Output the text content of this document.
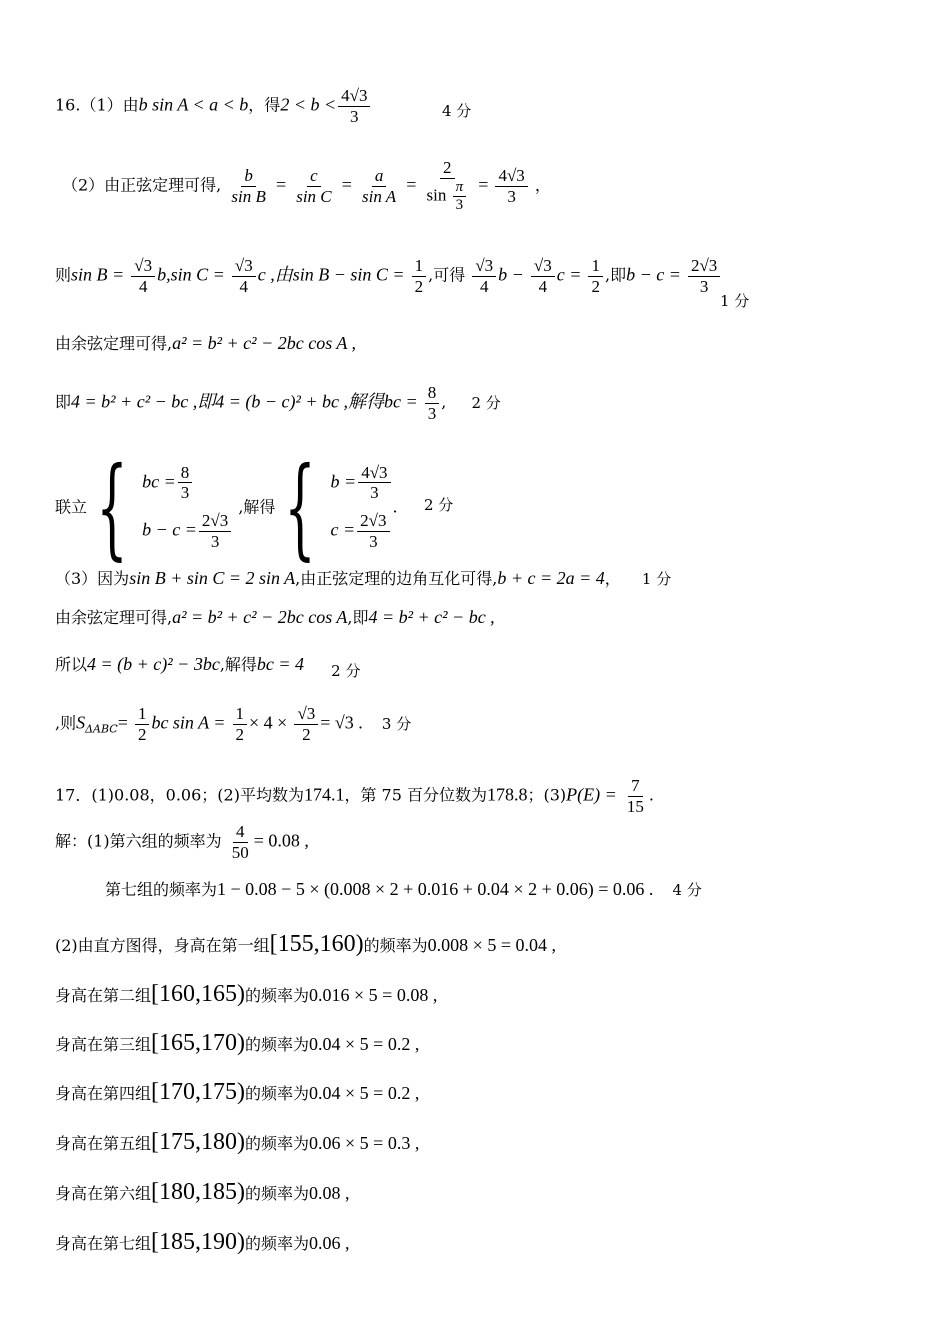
16.（1）由b sin A < a < b，得$2 < b < \frac{4√3}{3}$	4 分
（2）由正弦定理可得, $\frac{b}{\text{sin B}} = \frac{c}{\text{sin C}} = \frac{a}{\text{sin A}} = \frac{2}{\sin \frac{\pi}{3}} = \frac{4√3}{3}$ ，
则$\sin B = \frac{√3}{4} b,\sin$ $C = \frac{√3}{4}$ c ,由$\sin B - \sin C = \frac{1}{2}$ ,可得 $\frac{√3}{4}$ $b - \frac{√3}{4}$ $c = \frac{1}{2}$ ,即$b - c = \frac{2√3}{3}$
1 分
由余弦定理可得,a² = b² + c² − 2bc cos A ,
即4 = b² + c² − bc ,即4 = (b − c)² + bc ,解得bc = $\frac{8}{3}$ , 2 分
联立{ bc = $\frac{8}{3}$
$b - c = \frac{2√3}{3}$
,解得{ $b = \frac{4√3}{3}$
$c = \frac{2√3}{3}$
. 2 分
（3）因为sin B + sin C = 2 sin A,由正弦定理的边角互化可得,b + c = 2a = 4， 1 分
由余弦定理可得,a² = b² + c² − 2bc cos A,即4 = b² + c² − bc ,
所以4 = (b + c)² − 3bc,解得bc = 4 2 分
,则$S_{\Delta ABC}= \frac{1}{2}$ bc $\sin A = \frac{1}{2} \times 4 \times \frac{√3}{2} = √3$ . 3 分
17．(1)0.08，0.06；(2)平均数为174.1，第 75 百分位数为178.8；$(3)P(E) = \frac{7}{15}$ .
解：(1)第六组的频率为 $\frac{4}{50} = 0.08$ ,
第七组的频率为1 − 0.08 − 5 × (0.008 × 2 + 0.016 + 0.04 × 2 + 0.06) = 0.06 . 4 分
(2)由直方图得，身高在第一组[155,160)的频率为0.008 × 5 = 0.04 ,
身高在第二组[160,165)的频率为0.016 × 5 = 0.08 ,
身高在第三组[165,170)的频率为0.04 × 5 = 0.2 ,
身高在第四组[170,175)的频率为0.04 × 5 = 0.2 ,
身高在第五组[175,180)的频率为0.06 × 5 = 0.3 ,
身高在第六组[180,185)的频率为0.08 ,
身高在第七组[185,190)的频率为0.06 ,
